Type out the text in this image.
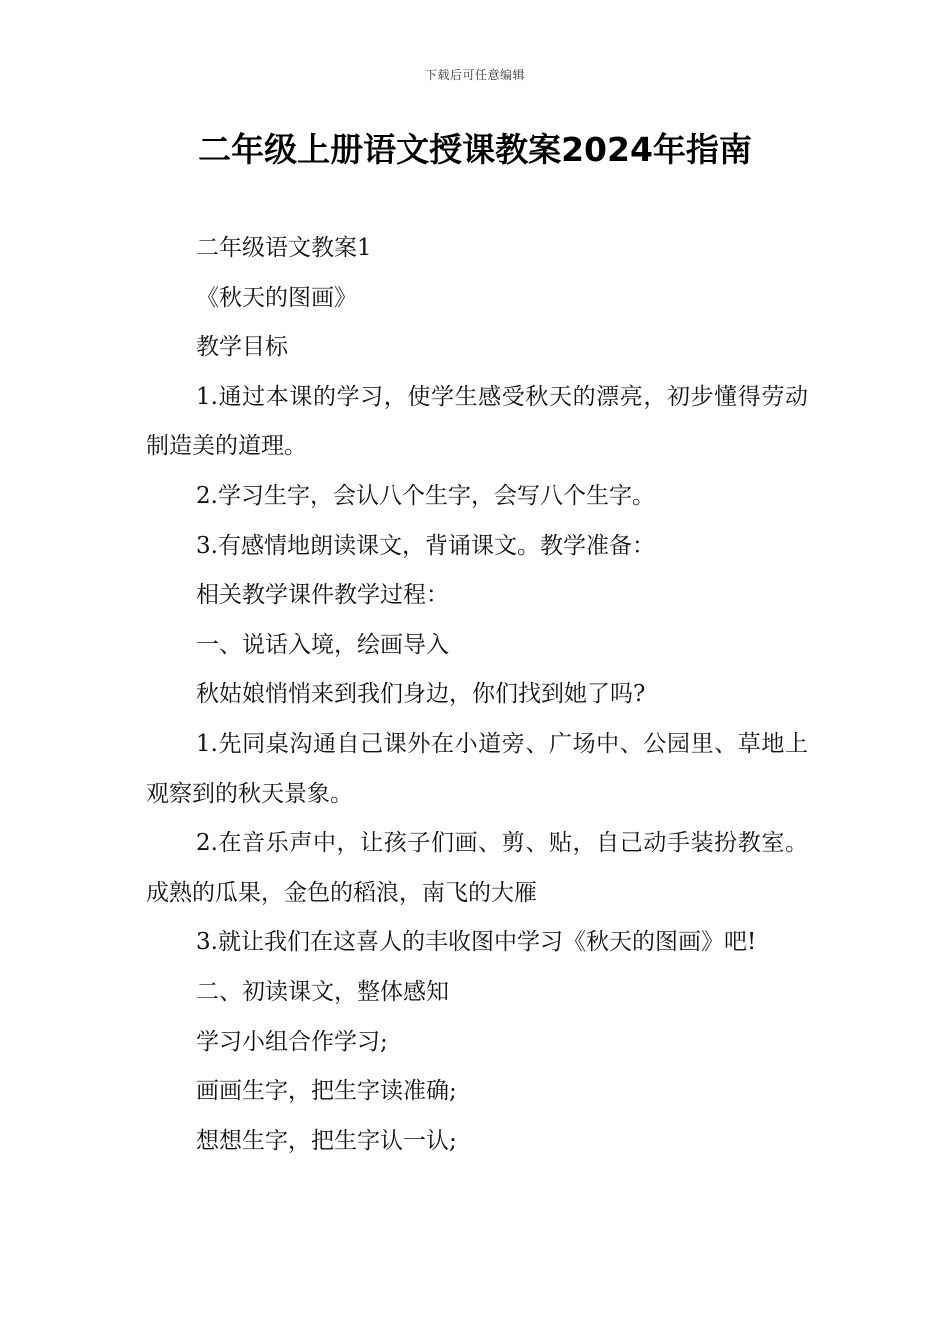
下载后可任意编辑
二年级上册语文授课教案2024年指南

二年级语文教案1

《秋天的图画》

教学目标

1.通过本课的学习，使学生感受秋天的漂亮，初步懂得劳动制造美的道理。

2.学习生字，会认八个生字，会写八个生字。

3.有感情地朗读课文，背诵课文。教学准备：

相关教学课件教学过程：

一、说话入境，绘画导入

秋姑娘悄悄来到我们身边，你们找到她了吗?

1.先同桌沟通自己课外在小道旁、广场中、公园里、草地上观察到的秋天景象。

2.在音乐声中，让孩子们画、剪、贴，自己动手装扮教室。成熟的瓜果，金色的稻浪，南飞的大雁

3.就让我们在这喜人的丰收图中学习《秋天的图画》吧!

二、初读课文，整体感知

学习小组合作学习;

画画生字，把生字读准确;

想想生字，把生字认一认;
